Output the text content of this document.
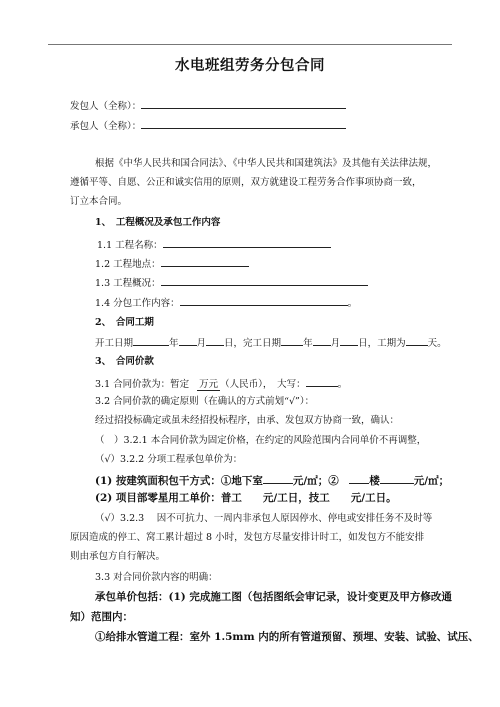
水电班组劳务分包合同
发包人（全称）：
承包人（全称）：
根据《中华人民共和国合同法》、《中华人民共和国建筑法》及其他有关法律法规，
遵循平等、自愿、公正和诚实信用的原则，双方就建设工程劳务合作事项协商一致，
订立本合同。
1、　工程概况及承包工作内容
1.1 工程名称：
1.2 工程地点：
1.3 工程概况：
1.4 分包工作内容：	。
2、　合同工期
开工日期	年 月 日，完工日期 年 月 日，工期为 天。
3、　合同价款
3.1 合同价款为：暂定 万元 （人民币），　大写：	。
3.2 合同价款的确定原则（在确认的方式前划“√”）：
经过招投标确定或虽未经招投标程序，由承、发包双方协商一致，确认：
（　）3.2.1 本合同价款为固定价格，在约定的风险范围内合同单价不再调整，
（√）3.2.2 分项工程承包单价为：
(1) 按建筑面积包干方式：①地下室	元/㎡；②　楼	元/㎡；
(2) 项目部零星用工单价：普工　　元/工日，技工　　元/工日。
（√）3.2.3　 因不可抗力、一周内非承包人原因停水、停电或安排任务不及时等
原因造成的停工、窝工累计超过 8 小时，发包方尽量安排计时工，如发包方不能安排
则由承包方自行解决。
3.3 对合同价款内容的明确：
承包单价包括：(1) 完成施工图（包括图纸会审记录，设计变更及甲方修改通
知）范围内：
①给排水管道工程：室外 1.5mm 内的所有管道预留、预埋、安装、试验、试压、
